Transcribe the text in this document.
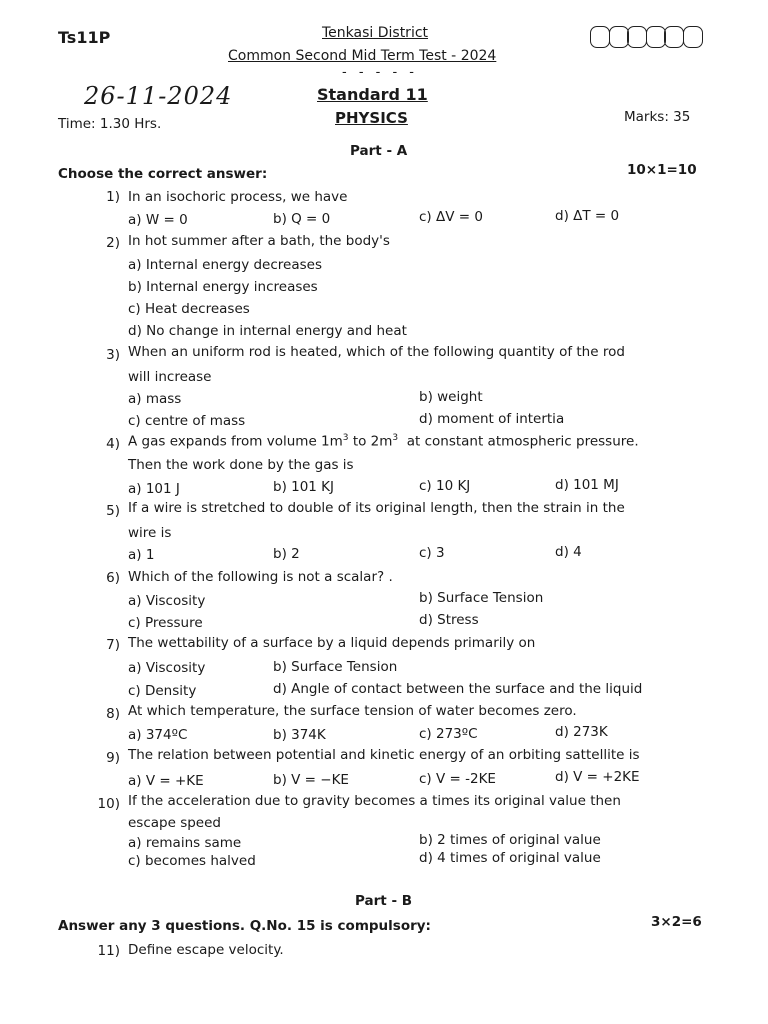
Ts11P	Tenkasi District
Common Second Mid Term Test - 2024
- - - - -
26-11-2024	Standard 11
PHYSICS
Time: 1.30 Hrs.	Marks: 35
Part - A
Choose the correct answer:	10×1=10
1) In an isochoric process, we have
a) W = 0	b) Q = 0	c) ΔV = 0	d) ΔT = 0
2) In hot summer after a bath, the body's
a) Internal energy decreases
b) Internal energy increases
c) Heat decreases
d) No change in internal energy and heat
3) When an uniform rod is heated, which of the following quantity of the rod
will increase
a) mass	b) weight
c) centre of mass	d) moment of intertia
4) A gas expands from volume $1m^3$ to $2m^3$  at constant atmospheric pressure.
Then the work done by the gas is
a) 101 J	b) 101 KJ	c) 10 KJ	d) 101 MJ
5) If a wire is stretched to double of its original length, then the strain in the
wire is
a) 1	b) 2	c) 3	d) 4
6) Which of the following is not a scalar? .
a) Viscosity	b) Surface Tension
c) Pressure	d) Stress
7) The wettability of a surface by a liquid depends primarily on
a) Viscosity	b) Surface Tension
c) Density	d) Angle of contact between the surface and the liquid
8) At which temperature, the surface tension of water becomes zero.
a) 374ºC	b) 374K	c) 273ºC	d) 273K
9) The relation between potential and kinetic energy of an orbiting sattellite is
a) V = +KE	b) V = −KE	c) V = -2KE	d) V = +2KE
10) If the acceleration due to gravity becomes a times its original value then
escape speed
a) remains same	b) 2 times of original value
c) becomes halved	d) 4 times of original value
Part - B
Answer any 3 questions. Q.No. 15 is compulsory:	3×2=6
11) Define escape velocity.
